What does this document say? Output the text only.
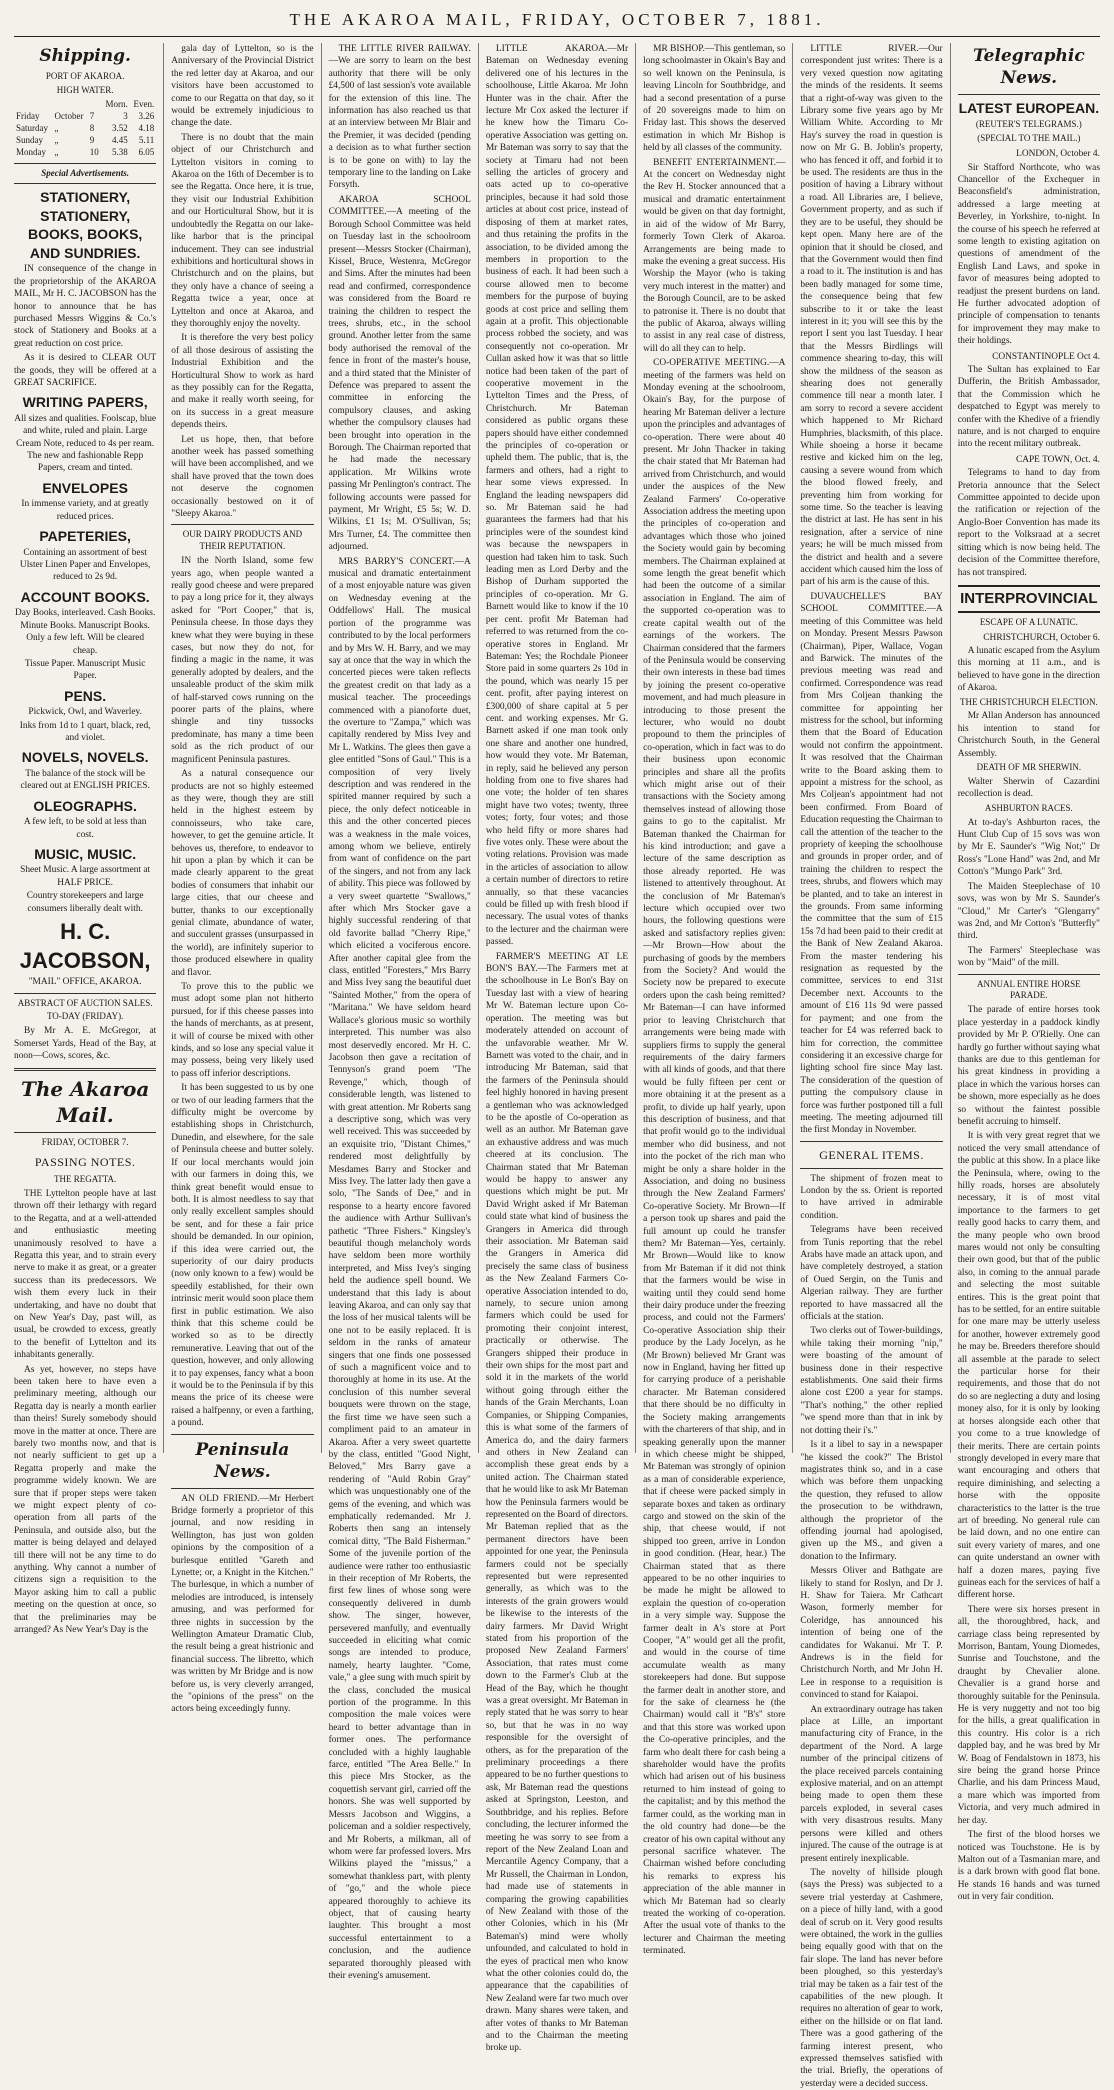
THE AKAROA MAIL, FRIDAY, OCTOBER 7, 1881.
Shipping.
PORT OF AKAROA.
HIGH WATER.
			Morn.	Even.
Friday	October	7	3	3.26
Saturday	„	8	3.52	4.18
Sunday	„	9	4.45	5.11
Monday	„	10	5.38	6.05
Special Advertisements.
STATIONERY, STATIONERY, BOOKS, BOOKS, AND SUNDRIES.

IN consequence of the change in the proprietorship of the AKAROA MAIL, Mr H. C. JACOBSON has the honor to announce that he has purchased Messrs Wiggins & Co.'s stock of Stationery and Books at a great reduction on cost price.

As it is desired to CLEAR OUT the goods, they will be offered at a GREAT SACRIFICE.

WRITING PAPERS,
All sizes and qualities. Foolscap, blue and white, ruled and plain. Large Cream Note, reduced to 4s per ream. The new and fashionable Repp Papers, cream and tinted.
ENVELOPES
In immense variety, and at greatly reduced prices.
PAPETERIES,
Containing an assortment of best Ulster Linen Paper and Envelopes, reduced to 2s 9d.
ACCOUNT BOOKS.
Day Books, interleaved. Cash Books. Minute Books. Manuscript Books. Only a few left. Will be cleared cheap.
Tissue Paper. Manuscript Music Paper.
PENS.
Pickwick, Owl, and Waverley.
Inks from 1d to 1 quart, black, red, and violet.
NOVELS, NOVELS.
The balance of the stock will be cleared out at ENGLISH PRICES.
OLEOGRAPHS.
A few left, to be sold at less than cost.
MUSIC, MUSIC.
Sheet Music. A large assortment at HALF PRICE.
Country storekeepers and large consumers liberally dealt with.
H. C. JACOBSON,
"MAIL" OFFICE, AKAROA.
ABSTRACT OF AUCTION SALES.
TO-DAY (FRIDAY).

By Mr A. E. McGregor, at Somerset Yards, Head of the Bay, at noon—Cows, scores, &c.

The Akaroa Mail.
FRIDAY, OCTOBER 7.
PASSING NOTES.
THE REGATTA.

THE Lyttelton people have at last thrown off their lethargy with regard to the Regatta, and at a well-attended and enthusiastic meeting unanimously resolved to have a Regatta this year, and to strain every nerve to make it as great, or a greater success than its predecessors. We wish them every luck in their undertaking, and have no doubt that on New Year's Day, past will, as usual, be crowded to excess, greatly to the benefit of Lyttelton and its inhabitants generally.

As yet, however, no steps have been taken here to have even a preliminary meeting, although our Regatta day is nearly a month earlier than theirs! Surely somebody should move in the matter at once. There are barely two months now, and that is not nearly sufficient to get up a Regatta properly and make the programme widely known. We are sure that if proper steps were taken we might expect plenty of co-operation from all parts of the Peninsula, and outside also, but the matter is being delayed and delayed till there will not be any time to do anything. Why cannot a number of citizens sign a requisition to the Mayor asking him to call a public meeting on the question at once, so that the preliminaries may be arranged? As New Year's Day is the

gala day of Lyttelton, so is the Anniversary of the Provincial District the red letter day at Akaroa, and our visitors have been accustomed to come to our Regatta on that day, so it would be extremely injudicious to change the date.

There is no doubt that the main object of our Christchurch and Lyttelton visitors in coming to Akaroa on the 16th of December is to see the Regatta. Once here, it is true, they visit our Industrial Exhibition and our Horticultural Show, but it is undoubtedly the Regatta on our lake-like harbor that is the principal inducement. They can see industrial exhibitions and horticultural shows in Christchurch and on the plains, but they only have a chance of seeing a Regatta twice a year, once at Lyttelton and once at Akaroa, and they thoroughly enjoy the novelty.

It is therefore the very best policy of all those desirous of assisting the Industrial Exhibition and the Horticultural Show to work as hard as they possibly can for the Regatta, and make it really worth seeing, for on its success in a great measure depends theirs.

Let us hope, then, that before another week has passed something will have been accomplished, and we shall have proved that the town does not deserve the cognomen occasionally bestowed on it of "Sleepy Akaroa."

OUR DAIRY PRODUCTS AND THEIR REPUTATION.

IN the North Island, some few years ago, when people wanted a really good cheese and were prepared to pay a long price for it, they always asked for "Port Cooper," that is, Peninsula cheese. In those days they knew what they were buying in these cases, but now they do not, for finding a magic in the name, it was generally adopted by dealers, and the unsaleable product of the skim milk of half-starved cows running on the poorer parts of the plains, where shingle and tiny tussocks predominate, has many a time been sold as the rich product of our magnificent Peninsula pastures.

As a natural consequence our products are not so highly esteemed as they were, though they are still held in the highest esteem by connoisseurs, who take care, however, to get the genuine article. It behoves us, therefore, to endeavor to hit upon a plan by which it can be made clearly apparent to the great bodies of consumers that inhabit our large cities, that our cheese and butter, thanks to our exceptionally genial climate, abundance of water, and succulent grasses (unsurpassed in the world), are infinitely superior to those produced elsewhere in quality and flavor.

To prove this to the public we must adopt some plan not hitherto pursued, for if this cheese passes into the hands of merchants, as at present, it will of course be mixed with other kinds, and so lose any special value it may possess, being very likely used to pass off inferior descriptions.

It has been suggested to us by one or two of our leading farmers that the difficulty might be overcome by establishing shops in Christchurch, Dunedin, and elsewhere, for the sale of Peninsula cheese and butter solely. If our local merchants would join with our farmers in doing this, we think great benefit would ensue to both. It is almost needless to say that only really excellent samples should be sent, and for these a fair price should be demanded. In our opinion, if this idea were carried out, the superiority of our dairy products (now only known to a few) would be speedily established, for their own intrinsic merit would soon place them first in public estimation. We also think that this scheme could be worked so as to be directly remunerative. Leaving that out of the question, however, and only allowing it to pay expenses, fancy what a boon it would be to the Peninsula if by this means the price of its cheese were raised a halfpenny, or even a farthing, a pound.

Peninsula News.

AN OLD FRIEND.—Mr Herbert Bridge formerly a proprietor of this journal, and now residing in Wellington, has just won golden opinions by the composition of a burlesque entitled "Gareth and Lynette; or, a Knight in the Kitchen." The burlesque, in which a number of melodies are introduced, is intensely amusing, and was performed for three nights in succession by the Wellington Amateur Dramatic Club, the result being a great histrionic and financial success. The libretto, which was written by Mr Bridge and is now before us, is very cleverly arranged, the "opinions of the press" on the actors being exceedingly funny.

THE LITTLE RIVER RAILWAY.—We are sorry to learn on the best authority that there will be only £4,500 of last session's vote available for the extension of this line. The information has also reached us that at an interview between Mr Blair and the Premier, it was decided (pending a decision as to what further section is to be gone on with) to lay the temporary line to the landing on Lake Forsyth.

AKAROA SCHOOL COMMITTEE.—A meeting of the Borough School Committee was held on Tuesday last in the schoolroom present—Messrs Stocker (Chairman), Kissel, Bruce, Westenra, McGregor and Sims. After the minutes had been read and confirmed, correspondence was considered from the Board re training the children to respect the trees, shrubs, etc., in the school ground. Another letter from the same body authorised the removal of the fence in front of the master's house, and a third stated that the Minister of Defence was prepared to assent the committee in enforcing the compulsory clauses, and asking whether the compulsory clauses had been brought into operation in the Borough. The Chairman reported that he had made the necessary application. Mr Wilkins wrote passing Mr Penlington's contract. The following accounts were passed for payment, Mr Wright, £5 5s; W. D. Wilkins, £1 1s; M. O'Sullivan, 5s; Mrs Turner, £4. The committee then adjourned.

MRS BARRY'S CONCERT.—A musical and dramatic entertainment of a most enjoyable nature was given on Wednesday evening at the Oddfellows' Hall. The musical portion of the programme was contributed to by the local performers and by Mrs W. H. Barry, and we may say at once that the way in which the concerted pieces were taken reflects the greatest credit on that lady as a musical teacher. The proceedings commenced with a pianoforte duet, the overture to "Zampa," which was capitally rendered by Miss Ivey and Mr L. Watkins. The glees then gave a glee entitled "Sons of Gaul." This is a composition of very lively description and was rendered in the spirited manner required by such a piece, the only defect noticeable in this and the other concerted pieces was a weakness in the male voices, among whom we believe, entirely from want of confidence on the part of the singers, and not from any lack of ability. This piece was followed by a very sweet quartette "Swallows," after which Mrs Stocker gave a highly successful rendering of that old favorite ballad "Cherry Ripe," which elicited a vociferous encore. After another capital glee from the class, entitled "Foresters," Mrs Barry and Miss Ivey sang the beautiful duet "Sainted Mother," from the opera of "Maritana." We have seldom heard Wallace's glorious music so worthily interpreted. This number was also most deservedly encored. Mr H. C. Jacobson then gave a recitation of Tennyson's grand poem "The Revenge," which, though of considerable length, was listened to with great attention. Mr Roberts sang a descriptive song, which was very well received. This was succeeded by an exquisite trio, "Distant Chimes," rendered most delightfully by Mesdames Barry and Stocker and Miss Ivey. The latter lady then gave a solo, "The Sands of Dee," and in response to a hearty encore favored the audience with Arthur Sullivan's pathetic "Three Fishers." Kingsley's beautiful though melancholy words have seldom been more worthily interpreted, and Miss Ivey's singing held the audience spell bound. We understand that this lady is about leaving Akaroa, and can only say that the loss of her musical talents will be one not to be easily replaced. It is seldom in the ranks of amateur singers that one finds one possessed of such a magnificent voice and to thoroughly at home in its use. At the conclusion of this number several bouquets were thrown on the stage, the first time we have seen such a compliment paid to an amateur in Akaroa. After a very sweet quartette by the class, entitled "Good Night, Beloved," Mrs Barry gave a rendering of "Auld Robin Gray" which was unquestionably one of the gems of the evening, and which was emphatically redemanded. Mr J. Roberts then sang an intensely comical ditty, "The Bald Fisherman." Some of the juvenile portion of the audience were rather too enthusiastic in their reception of Mr Roberts, the first few lines of whose song were consequently delivered in dumb show. The singer, however, persevered manfully, and eventually succeeded in eliciting what comic songs are intended to produce, namely, hearty laughter. "Come, vale," a glee sung with much spirit by the class, concluded the musical portion of the programme. In this composition the male voices were heard to better advantage than in former ones. The performance concluded with a highly laughable farce, entitled "The Area Belle." In this piece Mrs Stocker, as the coquettish servant girl, carried off the honors. She was well supported by Messrs Jacobson and Wiggins, a policeman and a soldier respectively, and Mr Roberts, a milkman, all of whom were far professed lovers. Mrs Wilkins played the "missus," a somewhat thankless part, with plenty of "go," and the whole piece appeared thoroughly to achieve its object, that of causing hearty laughter. This brought a most successful entertainment to a conclusion, and the audience separated thoroughly pleased with their evening's amusement.

LITTLE AKAROA.—Mr Bateman on Wednesday evening delivered one of his lectures in the schoolhouse, Little Akaroa. Mr John Hunter was in the chair. After the lecture Mr Cox asked the lecturer if he knew how the Timaru Co-operative Association was getting on. Mr Bateman was sorry to say that the society at Timaru had not been selling the articles of grocery and oats acted up to co-operative principles, because it had sold those articles at about cost price, instead of disposing of them at market rates, and thus retaining the profits in the association, to be divided among the members in proportion to the business of each. It had been such a course allowed men to become members for the purpose of buying goods at cost price and selling them again at a profit. This objectionable process robbed the society, and was consequently not co-operation. Mr Cullan asked how it was that so little notice had been taken of the part of cooperative movement in the Lyttelton Times and the Press, of Christchurch. Mr Bateman considered as public organs these papers should have either condemned the principles of co-operation or upheld them. The public, that is, the farmers and others, had a right to hear some views expressed. In England the leading newspapers did so. Mr Bateman said he had guarantees the farmers had that his principles were of the soundest kind was because the newspapers in question had taken him to task. Such leading men as Lord Derby and the Bishop of Durham supported the principles of co-operation. Mr G. Barnett would like to know if the 10 per cent. profit Mr Bateman had referred to was returned from the co-operative stores in England. Mr Bateman: Yes; the Rochdale Pioneer Store paid in some quarters 2s 10d in the pound, which was nearly 15 per cent. profit, after paying interest on £300,000 of share capital at 5 per cent. and working expenses. Mr G. Barnett asked if one man took only one share and another one hundred, how would they vote. Mr Bateman, in reply, said he believed any person holding from one to five shares had one vote; the holder of ten shares might have two votes; twenty, three votes; forty, four votes; and those who held fifty or more shares had five votes only. These were about the voting relations. Provision was made in the articles of association to allow a certain number of directors to retire annually, so that these vacancies could be filled up with fresh blood if necessary. The usual votes of thanks to the lecturer and the chairman were passed.

FARMER'S MEETING AT LE BON'S BAY.—The Farmers met at the schoolhouse in Le Bon's Bay on Tuesday last with a view of hearing Mr W. Bateman lecture upon Co-operation. The meeting was but moderately attended on account of the unfavorable weather. Mr W. Barnett was voted to the chair, and in introducing Mr Bateman, said that the farmers of the Peninsula should feel highly honored in having present a gentleman who was acknowledged to be the apostle of Co-operation as well as an author. Mr Bateman gave an exhaustive address and was much cheered at its conclusion. The Chairman stated that Mr Bateman would be happy to answer any questions which might be put. Mr David Wright asked if Mr Bateman could state what kind of business the Grangers in America did through their association. Mr Bateman said the Grangers in America did precisely the same class of business as the New Zealand Farmers Co-operative Association intended to do, namely, to secure union among farmers which could be used for promoting their conjoint interest, practically or otherwise. The Grangers shipped their produce in their own ships for the most part and sold it in the markets of the world without going through either the hands of the Grain Merchants, Loan Companies, or Shipping Companies, this is what some of the farmers of America do, and the dairy farmers and others in New Zealand can accomplish these great ends by a united action. The Chairman stated that he would like to ask Mr Bateman how the Peninsula farmers would be represented on the Board of directors. Mr Bateman replied that as the permanent directors have been appointed for one year, the Peninsula farmers could not be specially represented but were represented generally, as which was to the interests of the grain growers would be likewise to the interests of the dairy farmers. Mr David Wright stated from his proportion of the proposed New Zealand Farmers' Association, that rates must come down to the Farmer's Club at the Head of the Bay, which he thought was a great oversight. Mr Bateman in reply stated that he was sorry to hear so, but that he was in no way responsible for the oversight of others, as for the preparation of the preliminary proceedings a there appeared to be no further questions to ask, Mr Bateman read the questions asked at Springston, Leeston, and Southbridge, and his replies. Before concluding, the lecturer informed the meeting he was sorry to see from a report of the New Zealand Loan and Mercantile Agency Company, that a Mr Russell, the Chairman in London, had made use of statements in comparing the growing capabilities of New Zealand with those of the other Colonies, which in his (Mr Bateman's) mind were wholly unfounded, and calculated to hold in the eyes of practical men who know what the other colonies could do, the appearance that the capabilities of New Zealand were far two much over drawn. Many shares were taken, and after votes of thanks to Mr Bateman and to the Chairman the meeting broke up.

MR BISHOP.—This gentleman, so long schoolmaster in Okain's Bay and so well known on the Peninsula, is leaving Lincoln for Southbridge, and had a second presentation of a purse of 20 sovereigns made to him on Friday last. This shows the deserved estimation in which Mr Bishop is held by all classes of the community.

BENEFIT ENTERTAINMENT.—At the concert on Wednesday night the Rev H. Stocker announced that a musical and dramatic entertainment would be given on that day fortnight, in aid of the widow of Mr Barry, formerly Town Clerk of Akaroa. Arrangements are being made to make the evening a great success. His Worship the Mayor (who is taking very much interest in the matter) and the Borough Council, are to be asked to patronise it. There is no doubt that the public of Akaroa, always willing to assist in any real case of distress, will do all they can to help.

CO-OPERATIVE MEETING.—A meeting of the farmers was held on Monday evening at the schoolroom, Okain's Bay, for the purpose of hearing Mr Bateman deliver a lecture upon the principles and advantages of co-operation. There were about 40 present. Mr John Thacker in taking the chair stated that Mr Bateman had arrived from Christchurch, and would under the auspices of the New Zealand Farmers' Co-operative Association address the meeting upon the principles of co-operation and advantages which those who joined the Society would gain by becoming members. The Chairman explained at some length the great benefit which had been the outcome of a similar association in England. The aim of the supported co-operation was to create capital wealth out of the earnings of the workers. The Chairman considered that the farmers of the Peninsula would be conserving their own interests in these bad times by joining the present co-operative movement, and had much pleasure in introducing to those present the lecturer, who would no doubt propound to them the principles of co-operation, which in fact was to do their business upon economic principles and share all the profits which might arise out of their transactions with the Society among themselves instead of allowing those gains to go to the capitalist. Mr Bateman thanked the Chairman for his kind introduction; and gave a lecture of the same description as those already reported. He was listened to attentively throughout. At the conclusion of Mr Bateman's lecture which occupied over two hours, the following questions were asked and satisfactory replies given:—Mr Brown—How about the purchasing of goods by the members from the Society? And would the Society now be prepared to execute orders upon the cash being remitted? Mr Bateman—I can have informed prior to leaving Christchurch that arrangements were being made with suppliers firms to supply the general requirements of the dairy farmers with all kinds of goods, and that there would be fully fifteen per cent or more obtaining it at the present as a profit, to divide up half yearly, upon this description of business, and that that profit would go to the individual member who did business, and not into the pocket of the rich man who might be only a share holder in the Association, and doing no business through the New Zealand Farmers' Co-operative Society. Mr Brown—If a person took up shares and paid the full amount up could he transfer them? Mr Bateman—Yes, certainly. Mr Brown—Would like to know from Mr Bateman if it did not think that the farmers would be wise in waiting until they could send home their dairy produce under the freezing process, and could not the Farmers' Co-operative Association ship their produce by the Lady Jocelyn, as he (Mr Brown) believed Mr Grant was now in England, having her fitted up for carrying produce of a perishable character. Mr Bateman considered that there should be no difficulty in the Society making arrangements with the charterers of that ship, and in speaking generally upon the manner in which cheese might be shipped, Mr Bateman was strongly of opinion as a man of considerable experience, that if cheese were packed simply in separate boxes and taken as ordinary cargo and stowed on the skin of the ship, that cheese would, if not shipped too green, arrive in London in good condition. (Hear, hear.) The Chairman stated that as there appeared to be no other inquiries to be made he might be allowed to explain the question of co-operation in a very simple way. Suppose the farmer dealt in A's store at Port Cooper, "A" would get all the profit, and would in the course of time accumulate wealth as many storekeepers had done. But suppose the farmer dealt in another store, and for the sake of clearness he (the Chairman) would call it "B's" store and that this store was worked upon the Co-operative principles, and the farm who dealt there for cash being a shareholder would have the profits which had arisen out of his business returned to him instead of going to the capitalist; and by this method the farmer could, as the working man in the old country had done—be the creator of his own capital without any personal sacrifice whatever. The Chairman wished before concluding his remarks to express his appreciation of the able manner in which Mr Bateman had so clearly treated the working of co-operation. After the usual vote of thanks to the lecturer and Chairman the meeting terminated.

LITTLE RIVER.—Our correspondent just writes: There is a very vexed question now agitating the minds of the residents. It seems that a right-of-way was given to the Library some five years ago by Mr William White. According to Mr Hay's survey the road in question is now on Mr G. B. Joblin's property, who has fenced it off, and forbid it to be used. The residents are thus in the position of having a Library without a road. All Libraries are, I believe, Government property, and as such if they are to be useful, they should be kept open. Many here are of the opinion that it should be closed, and that the Government would then find a road to it. The institution is and has been badly managed for some time, the consequence being that few subscribe to it or take the least interest in it; you will see this by the report I sent you last Tuesday. I hear that the Messrs Birdlings will commence shearing to-day, this will show the mildness of the season as shearing does not generally commence till near a month later. I am sorry to record a severe accident which happened to Mr Richard Humphries, blacksmith, of this place. While shoeing a horse it became restive and kicked him on the leg, causing a severe wound from which the blood flowed freely, and preventing him from working for some time. So the teacher is leaving the district at last. He has sent in his resignation, after a service of nine years; he will be much missed from the district and health and a severe accident which caused him the loss of part of his arm is the cause of this.

DUVAUCHELLE'S BAY SCHOOL COMMITTEE.—A meeting of this Committee was held on Monday. Present Messrs Pawson (Chairman), Piper, Wallace, Vogan and Barwick. The minutes of the previous meeting was read and confirmed. Correspondence was read from Mrs Coljean thanking the committee for appointing her mistress for the school, but informing them that the Board of Education would not confirm the appointment. It was resolved that the Chairman write to the Board asking them to appoint a mistress for the school, as Mrs Coljean's appointment had not been confirmed. From Board of Education requesting the Chairman to call the attention of the teacher to the propriety of keeping the schoolhouse and grounds in proper order, and of training the children to respect the trees, shrubs, and flowers which may be planted, and to take an interest in the grounds. From same informing the committee that the sum of £15 15s 7d had been paid to their credit at the Bank of New Zealand Akaroa. From the master tendering his resignation as requested by the committee, services to end 31st December next. Accounts to the amount of £16 11s 9d were passed for payment; and one from the teacher for £4 was referred back to him for correction, the committee considering it an excessive charge for lighting school fire since May last. The consideration of the question of putting the compulsory clause in force was further postponed till a full meeting. The meeting adjourned till the first Monday in November.

GENERAL ITEMS.

The shipment of frozen meat to London by the ss. Orient is reported to have arrived in admirable condition.

Telegrams have been received from Tunis reporting that the rebel Arabs have made an attack upon, and have completely destroyed, a station of Oued Sergin, on the Tunis and Algerian railway. They are further reported to have massacred all the officials at the station.

Two clerks out of Tower-buildings, while taking their morning "nip," were boasting of the amount of business done in their respective establishments. One said their firms alone cost £200 a year for stamps. "That's nothing," the other replied "we spend more than that in ink by not dotting their i's."

Is it a libel to say in a newspaper "he kissed the cook?" The Bristol magistrates think so, and in a case which was before them unpacking the question, they refused to allow the prosecution to be withdrawn, although the proprietor of the offending journal had apologised, given up the MS., and given a donation to the Infirmary.

Messrs Oliver and Bathgate are likely to stand for Roslyn, and Dr J. H. Shaw for Taiera. Mr Cathcart Wason, formerly member for Coleridge, has announced his intention of being one of the candidates for Wakanui. Mr T. P. Andrews is in the field for Christchurch North, and Mr John H. Lee in response to a requisition is convinced to stand for Kaiapoi.

An extraordinary outrage has taken place at Lille, an important manufacturing city of France, in the department of the Nord. A large number of the principal citizens of the place received parcels containing explosive material, and on an attempt being made to open them these parcels exploded, in several cases with very disastrous results. Many persons were killed and others injured. The cause of the outrage is at present entirely inexplicable.

The novelty of hillside plough (says the Press) was subjected to a severe trial yesterday at Cashmere, on a piece of hilly land, with a good deal of scrub on it. Very good results were obtained, the work in the gullies being equally good with that on the fair slope. The land has never before been ploughed, so this yesterday's trial may be taken as a fair test of the capabilities of the new plough. It requires no alteration of gear to work, either on the hillside or on flat land. There was a good gathering of the farming interest present, who expressed themselves satisfied with the trial. Briefly, the operations of yesterday were a decided success.

Telegraphic News.
LATEST EUROPEAN.
(REUTER'S TELEGRAMS.)
(SPECIAL TO THE MAIL.)
LONDON, October 4.

Sir Stafford Northcote, who was Chancellor of the Exchequer in Beaconsfield's administration, addressed a large meeting at Beverley, in Yorkshire, to-night. In the course of his speech he referred at some length to existing agitation on questions of amendment of the English Land Laws, and spoke in favor of measures being adopted to readjust the present burdens on land. He further advocated adoption of principle of compensation to tenants for improvement they may make to their holdings.

CONSTANTINOPLE Oct 4.

The Sultan has explained to Ear Dufferin, the British Ambassador, that the Commission which he despatched to Egypt was merely to confer with the Khedive of a friendly nature, and is not charged to enquire into the recent military outbreak.

CAPE TOWN, Oct. 4.

Telegrams to hand to day from Pretoria announce that the Select Committee appointed to decide upon the ratification or rejection of the Anglo-Boer Convention has made its report to the Volksraad at a secret sitting which is now being held. The decision of the Committee therefore, has not transpired.

INTERPROVINCIAL
ESCAPE OF A LUNATIC.
CHRISTCHURCH, October 6.

A lunatic escaped from the Asylum this morning at 11 a.m., and is believed to have gone in the direction of Akaroa.

THE CHRISTCHURCH ELECTION.

Mr Allan Anderson has announced his intention to stand for Christchurch South, in the General Assembly.

DEATH OF MR SHERWIN.

Walter Sherwin of Cazardini recollection is dead.

ASHBURTON RACES.

At to-day's Ashburton races, the Hunt Club Cup of 15 sovs was won by Mr E. Saunder's "Wig Not;" Dr Ross's "Lone Hand" was 2nd, and Mr Cotton's "Mungo Park" 3rd.

The Maiden Steeplechase of 10 sovs, was won by Mr S. Saunder's "Cloud," Mr Carter's "Glengarry" was 2nd, and Mr Cotton's "Butterfly" third.

The Farmers' Steeplechase was won by "Maid" of the mill.

ANNUAL ENTIRE HORSE PARADE.

The parade of entire horses took place yesterday in a paddock kindly provided by Mr P. O'Rielly. One can hardly go further without saying what thanks are due to this gentleman for his great kindness in providing a place in which the various horses can be shown, more especially as he does so without the faintest possible benefit accruing to himself.

It is with very great regret that we noticed the very small attendance of the public at this show. In a place like the Peninsula, where, owing to the hilly roads, horses are absolutely necessary, it is of most vital importance to the farmers to get really good hacks to carry them, and the many people who own brood mares would not only be consulting their own good, but that of the public also, in coming to the annual parade and selecting the most suitable entires. This is the great point that has to be settled, for an entire suitable for one mare may be utterly useless for another, however extremely good he may be. Breeders therefore should all assemble at the parade to select the particular horse for their requirements, and those that do not do so are neglecting a duty and losing money also, for it is only by looking at horses alongside each other that you come to a true knowledge of their merits. There are certain points strongly developed in every mare that want encouraging and others that require diminishing, and selecting a horse with the opposite characteristics to the latter is the true art of breeding. No general rule can be laid down, and no one entire can suit every variety of mares, and one can quite understand an owner with half a dozen mares, paying five guineas each for the services of half a different horse.

There were six horses present in all, the thoroughbred, hack, and carriage class being represented by Morrison, Bantam, Young Diomedes, Sunrise and Touchstone, and the draught by Chevalier alone. Chevalier is a grand horse and thoroughly suitable for the Peninsula. He is very nuggetty and not too big for the hills, a great qualification in this country. His color is a rich dappled bay, and he was bred by Mr W. Boag of Fendalstown in 1873, his sire being the grand horse Prince Charlie, and his dam Princess Maud, a mare which was imported from Victoria, and very much admired in her day.

The first of the blood horses we noticed was Touchstone. He is by Malton out of a Tasmanian mare, and is a dark brown with good flat bone. He stands 16 hands and was turned out in very fair condition.
